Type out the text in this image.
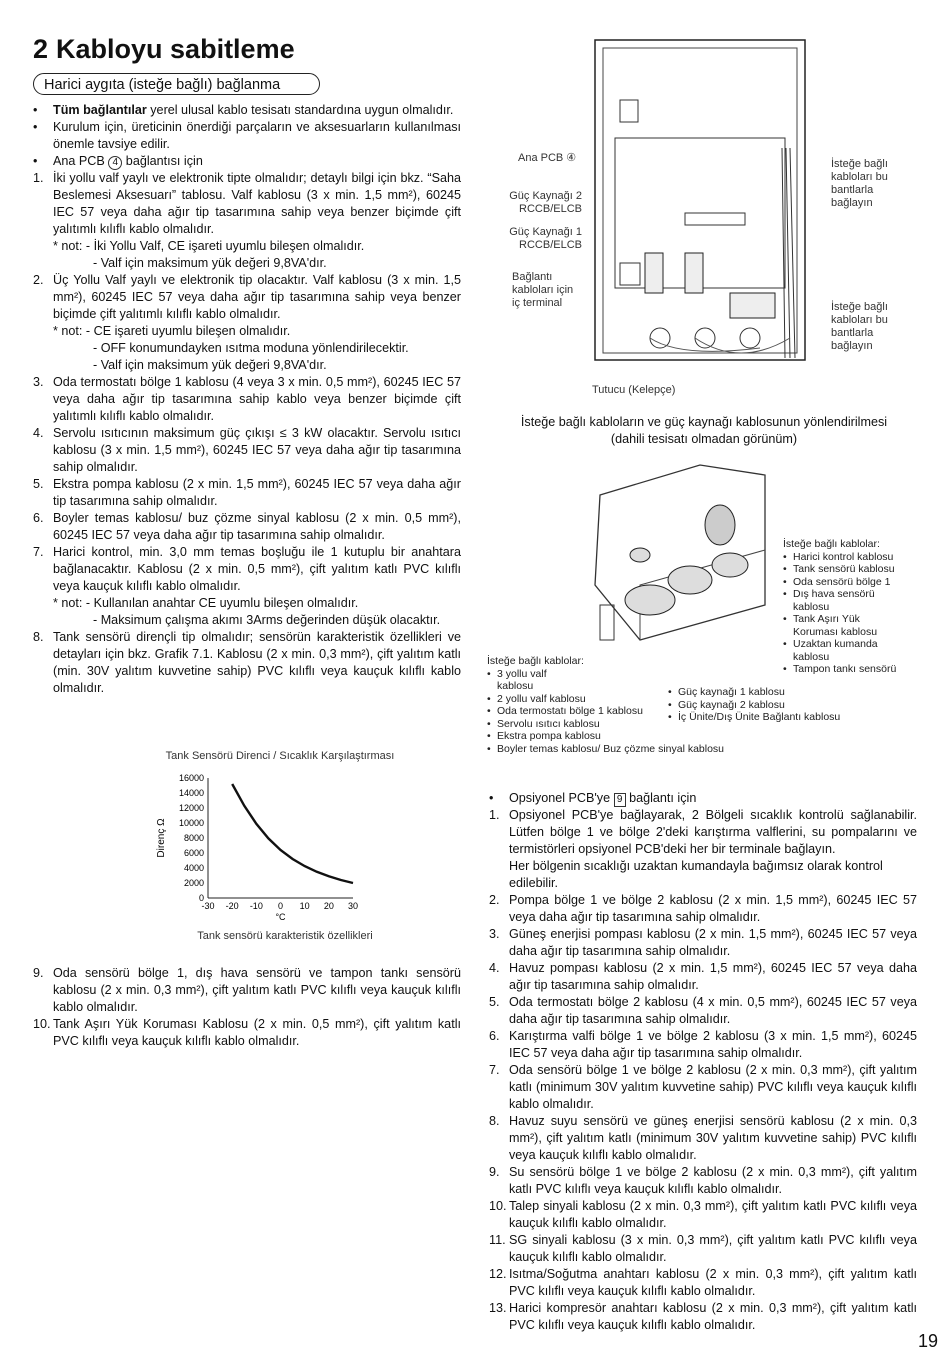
2 Kabloyu sabitleme
Harici aygıta (isteğe bağlı) bağlanma
• Tüm bağlantılar yerel ulusal kablo tesisatı standardına uygun olmalıdır.
• Kurulum için, üreticinin önerdiği parçaların ve aksesuarların kullanılması önemle tavsiye edilir.
• Ana PCB 4 bağlantısı için
1. İki yollu valf yaylı ve elektronik tipte olmalıdır; detaylı bilgi için bkz. “Saha Beslemesi Aksesuarı” tablosu. Valf kablosu (3 x min. 1,5 mm²), 60245 IEC 57 veya daha ağır tip tasarımına sahip veya benzer biçimde çift yalıtımlı kılıflı kablo olmalıdır.
* not: - İki Yollu Valf, CE işareti uyumlu bileşen olmalıdır.
- Valf için maksimum yük değeri 9,8VA'dır.
2. Üç Yollu Valf yaylı ve elektronik tip olacaktır. Valf kablosu (3 x min. 1,5 mm²), 60245 IEC 57 veya daha ağır tip tasarımına sahip veya benzer biçimde çift yalıtımlı kılıflı kablo olmalıdır.
* not: - CE işareti uyumlu bileşen olmalıdır.
- OFF konumundayken ısıtma moduna yönlendirilecektir.
- Valf için maksimum yük değeri 9,8VA'dır.
3. Oda termostatı bölge 1 kablosu (4 veya 3 x min. 0,5 mm²), 60245 IEC 57 veya daha ağır tip tasarımına sahip kablo veya benzer biçimde çift yalıtımlı kılıflı kablo olmalıdır.
4. Servolu ısıtıcının maksimum güç çıkışı ≤ 3 kW olacaktır. Servolu ısıtıcı kablosu (3 x min. 1,5 mm²), 60245 IEC 57 veya daha ağır tip tasarımına sahip olmalıdır.
5. Ekstra pompa kablosu (2 x min. 1,5 mm²), 60245 IEC 57 veya daha ağır tip tasarımına sahip olmalıdır.
6. Boyler temas kablosu/ buz çözme sinyal kablosu (2 x min. 0,5 mm²), 60245 IEC 57 veya daha ağır tip tasarımına sahip olmalıdır.
7. Harici kontrol, min. 3,0 mm temas boşluğu ile 1 kutuplu bir anahtara bağlanacaktır. Kablosu (2 x min. 0,5 mm²), çift yalıtım katlı PVC kılıflı veya kauçuk kılıflı kablo olmalıdır.
* not: - Kullanılan anahtar CE uyumlu bileşen olmalıdır.
- Maksimum çalışma akımı 3Arms değerinden düşük olacaktır.
8. Tank sensörü dirençli tip olmalıdır; sensörün karakteristik özellikleri ve detayları için bkz. Grafik 7.1. Kablosu (2 x min. 0,3 mm²), çift yalıtım katlı (min. 30V yalıtım kuvvetine sahip) PVC kılıflı veya kauçuk kılıflı kablo olmalıdır.
Tank Sensörü Direnci / Sıcaklık Karşılaştırması
0
2000
4000
6000
8000
10000
12000
14000
16000
-30 -20 -10 0 10 20 30
°C
Direnç Ω
Tank sensörü karakteristik özellikleri
9. Oda sensörü bölge 1, dış hava sensörü ve tampon tankı sensörü kablosu (2 x min. 0,3 mm²), çift yalıtım katlı PVC kılıflı veya kauçuk kılıflı kablo olmalıdır.
10. Tank Aşırı Yük Koruması Kablosu (2 x min. 0,5 mm²), çift yalıtım katlı PVC kılıflı veya kauçuk kılıflı kablo olmalıdır.
Ana PCB ④
Güç Kaynağı 2
RCCB/ELCB
Güç Kaynağı 1
RCCB/ELCB
Bağlantı
kabloları için
iç terminal
Tutucu (Kelepçe)
İsteğe bağlı
kabloları bu
bantlarla
bağlayın
İsteğe bağlı
kabloları bu
bantlarla
bağlayın
İsteğe bağlı kabloların ve güç kaynağı kablosunun yönlendirilmesi
(dahili tesisatı olmadan görünüm)
İsteğe bağlı kablolar:
• Harici kontrol kablosu
• Tank sensörü kablosu
• Oda sensörü bölge 1
• Dış hava sensörü
kablosu
• Tank Aşırı Yük
Koruması kablosu
• Uzaktan kumanda
kablosu
• Tampon tankı sensörü
• Güç kaynağı 1 kablosu
• Güç kaynağı 2 kablosu
• İç Ünite/Dış Ünite Bağlantı kablosu
İsteğe bağlı kablolar:
• 3 yollu valf
kablosu
• 2 yollu valf kablosu
• Oda termostatı bölge 1 kablosu
• Servolu ısıtıcı kablosu
• Ekstra pompa kablosu
• Boyler temas kablosu/ Buz çözme sinyal kablosu
• Opsiyonel PCB'ye 9 bağlantı için
1. Opsiyonel PCB'ye bağlayarak, 2 Bölgeli sıcaklık kontrolü sağlanabilir. Lütfen bölge 1 ve bölge 2'deki karıştırma valflerini, su pompalarını ve termistörleri opsiyonel PCB'deki her bir terminale bağlayın.
Her bölgenin sıcaklığı uzaktan kumandayla bağımsız olarak kontrol edilebilir.
2. Pompa bölge 1 ve bölge 2 kablosu (2 x min. 1,5 mm²), 60245 IEC 57 veya daha ağır tip tasarımına sahip olmalıdır.
3. Güneş enerjisi pompası kablosu (2 x min. 1,5 mm²), 60245 IEC 57 veya daha ağır tip tasarımına sahip olmalıdır.
4. Havuz pompası kablosu (2 x min. 1,5 mm²), 60245 IEC 57 veya daha ağır tip tasarımına sahip olmalıdır.
5. Oda termostatı bölge 2 kablosu (4 x min. 0,5 mm²), 60245 IEC 57 veya daha ağır tip tasarımına sahip olmalıdır.
6. Karıştırma valfi bölge 1 ve bölge 2 kablosu (3 x min. 1,5 mm²), 60245 IEC 57 veya daha ağır tip tasarımına sahip olmalıdır.
7. Oda sensörü bölge 1 ve bölge 2 kablosu (2 x min. 0,3 mm²), çift yalıtım katlı (minimum 30V yalıtım kuvvetine sahip) PVC kılıflı veya kauçuk kılıflı kablo olmalıdır.
8. Havuz suyu sensörü ve güneş enerjisi sensörü kablosu (2 x min. 0,3 mm²), çift yalıtım katlı (minimum 30V yalıtım kuvvetine sahip) PVC kılıflı veya kauçuk kılıflı kablo olmalıdır.
9. Su sensörü bölge 1 ve bölge 2 kablosu (2 x min. 0,3 mm²), çift yalıtım katlı PVC kılıflı veya kauçuk kılıflı kablo olmalıdır.
10. Talep sinyali kablosu (2 x min. 0,3 mm²), çift yalıtım katlı PVC kılıflı veya kauçuk kılıflı kablo olmalıdır.
11. SG sinyali kablosu (3 x min. 0,3 mm²), çift yalıtım katlı PVC kılıflı veya kauçuk kılıflı kablo olmalıdır.
12. Isıtma/Soğutma anahtarı kablosu (2 x min. 0,3 mm²), çift yalıtım katlı PVC kılıflı veya kauçuk kılıflı kablo olmalıdır.
13. Harici kompresör anahtarı kablosu (2 x min. 0,3 mm²), çift yalıtım katlı PVC kılıflı veya kauçuk kılıflı kablo olmalıdır.
19
